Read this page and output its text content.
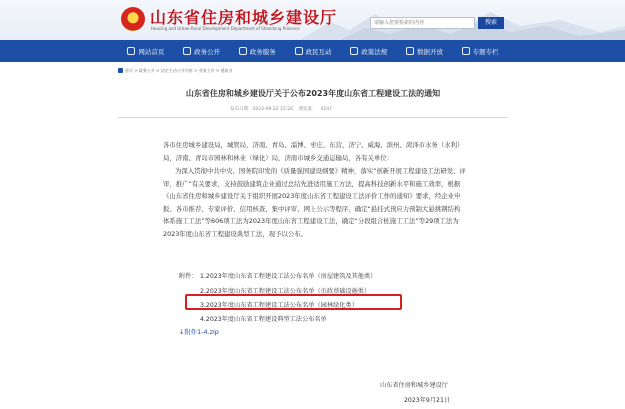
山东省住房和城乡建设厅
Housing and Urban-Rural Development Department of Shandong Province
请输入您要检索的内容
搜索
网站首页	政务公开	政务服务	政民互动	政策法规	数据开放	专题专栏
首页 > 政务公开 > 法定主动公开内容 > 业务工作 > 建筑业
山东省住房和城乡建设厅关于公布2023年度山东省工程建设工法的通知
发布日期：2023-09-22 15:24 浏览量： 4247
各市住房城乡建设局，城管局，济南、青岛、淄博、枣庄、东营、济宁、威海、滨州、菏泽市水务（水利）局，济南、青岛市园林和林业（绿化）局，济南市城乡交通运输局，各有关单位：
为深入贯彻中共中央、国务院印发的《质量强国建设纲要》精神，落实“创新开展工程建设工法研发、评审、推广”有关要求，支持鼓励建筑企业通过总结先进适用施工方法，提高科技创新水平和施工效率，根据《山东省住房和城乡建设厅关于组织开展2023年度山东省工程建设工法评价工作的通知》要求，经企业申报、各市推荐、专家评价、信用核查、集中评审、网上公示等程序，确定“悬挂式预应力预制大悬挑钢结构体系施工工法”等606项工法为2023年度山东省工程建设工法，确定“分段组合桩施工工法”等29项工法为2023年度山东省工程建设典型工法，现予以公布。
附件： 1.2023年度山东省工程建设工法公布名单（房屋建筑及其他类）
2.2023年度山东省工程建设工法公布名单（市政基础设施类）
3.2023年度山东省工程建设工法公布名单（园林绿化类）
4.2023年度山东省工程建设典型工法公布名单
↓附件1-4.zip
山东省住房和城乡建设厅
2023年9月21日
